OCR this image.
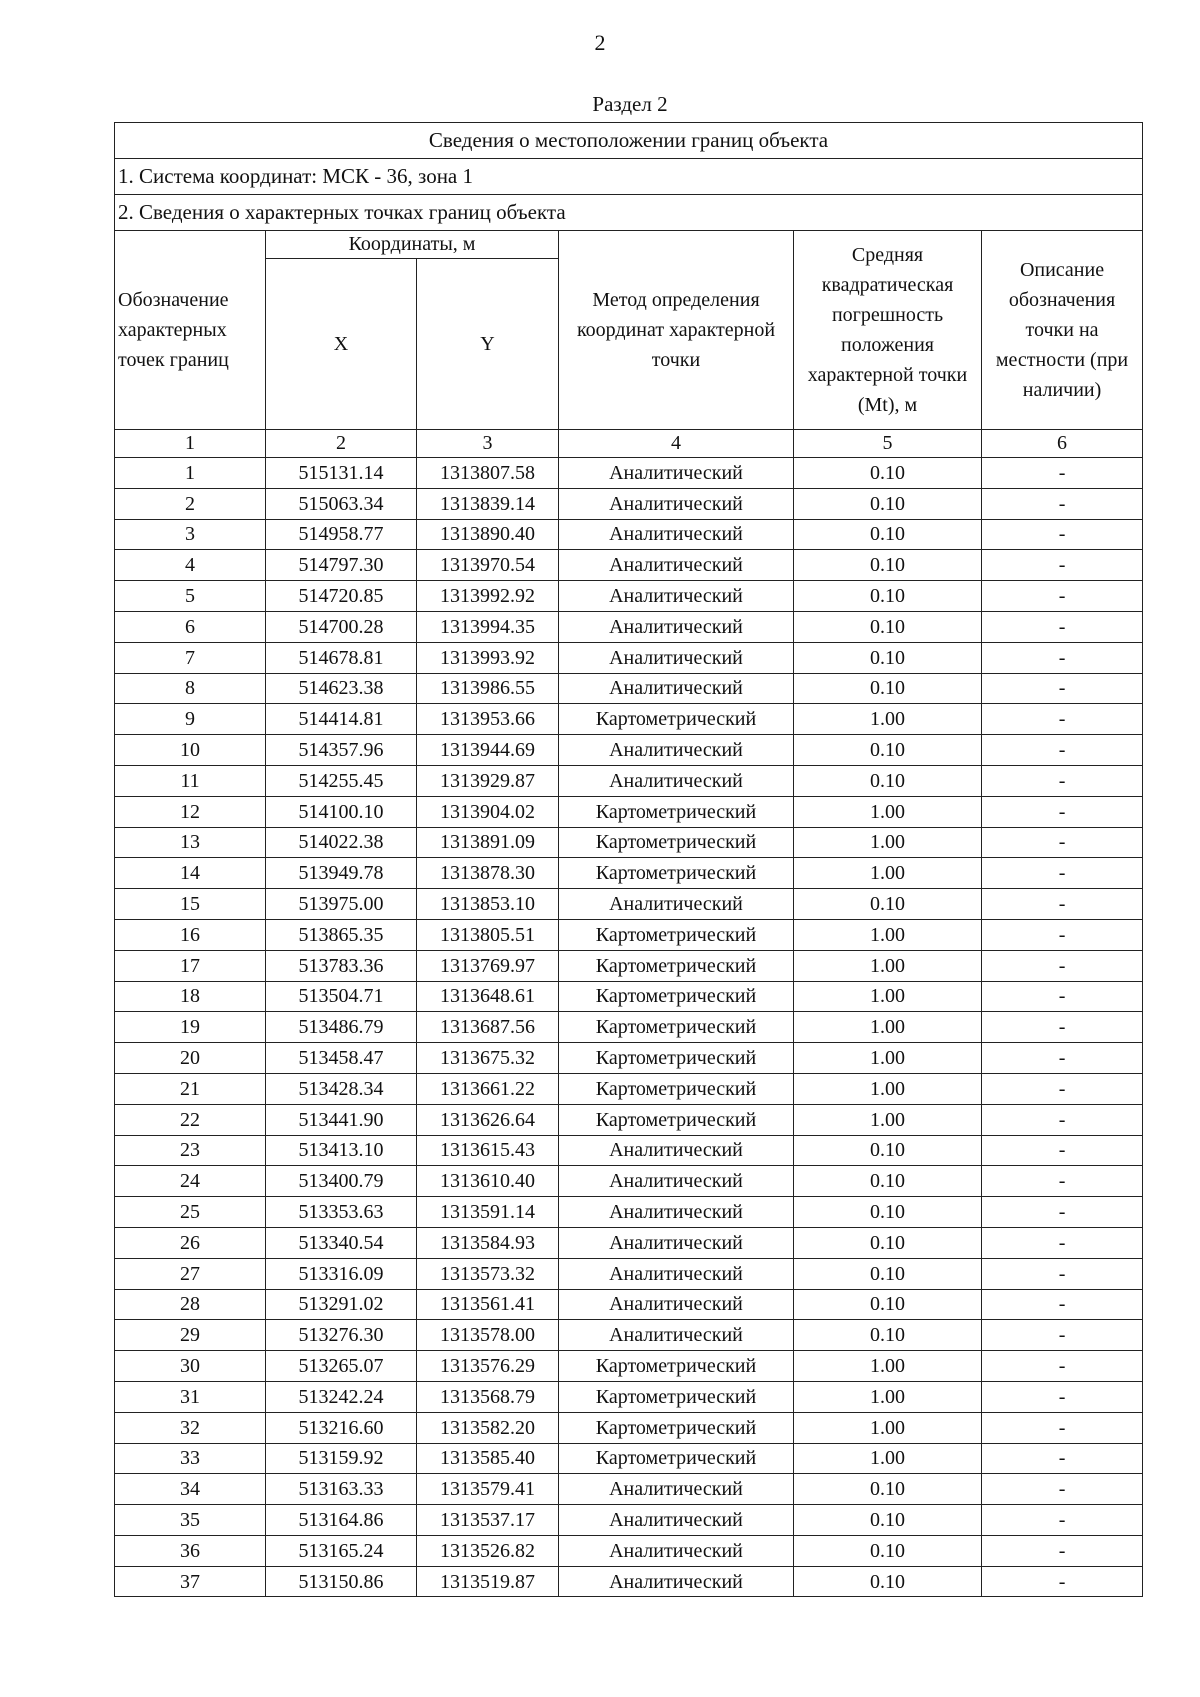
2
Раздел 2
Сведения о местоположении границ объекта					
1. Система координат: МСК - 36, зона 1					
2. Сведения о характерных точках границ объекта					
Обозначение характерных точек границ	Координаты, м		Метод определения координат характерной точки	Средняя квадратическая погрешность положения характерной точки (Mt), м	Описание обозначения точки на местности (при наличии)
	X	Y			
1	2	3	4	5	6
1	515131.14	1313807.58	Аналитический	0.10	-
2	515063.34	1313839.14	Аналитический	0.10	-
3	514958.77	1313890.40	Аналитический	0.10	-
4	514797.30	1313970.54	Аналитический	0.10	-
5	514720.85	1313992.92	Аналитический	0.10	-
6	514700.28	1313994.35	Аналитический	0.10	-
7	514678.81	1313993.92	Аналитический	0.10	-
8	514623.38	1313986.55	Аналитический	0.10	-
9	514414.81	1313953.66	Картометрический	1.00	-
10	514357.96	1313944.69	Аналитический	0.10	-
11	514255.45	1313929.87	Аналитический	0.10	-
12	514100.10	1313904.02	Картометрический	1.00	-
13	514022.38	1313891.09	Картометрический	1.00	-
14	513949.78	1313878.30	Картометрический	1.00	-
15	513975.00	1313853.10	Аналитический	0.10	-
16	513865.35	1313805.51	Картометрический	1.00	-
17	513783.36	1313769.97	Картометрический	1.00	-
18	513504.71	1313648.61	Картометрический	1.00	-
19	513486.79	1313687.56	Картометрический	1.00	-
20	513458.47	1313675.32	Картометрический	1.00	-
21	513428.34	1313661.22	Картометрический	1.00	-
22	513441.90	1313626.64	Картометрический	1.00	-
23	513413.10	1313615.43	Аналитический	0.10	-
24	513400.79	1313610.40	Аналитический	0.10	-
25	513353.63	1313591.14	Аналитический	0.10	-
26	513340.54	1313584.93	Аналитический	0.10	-
27	513316.09	1313573.32	Аналитический	0.10	-
28	513291.02	1313561.41	Аналитический	0.10	-
29	513276.30	1313578.00	Аналитический	0.10	-
30	513265.07	1313576.29	Картометрический	1.00	-
31	513242.24	1313568.79	Картометрический	1.00	-
32	513216.60	1313582.20	Картометрический	1.00	-
33	513159.92	1313585.40	Картометрический	1.00	-
34	513163.33	1313579.41	Аналитический	0.10	-
35	513164.86	1313537.17	Аналитический	0.10	-
36	513165.24	1313526.82	Аналитический	0.10	-
37	513150.86	1313519.87	Аналитический	0.10	-
